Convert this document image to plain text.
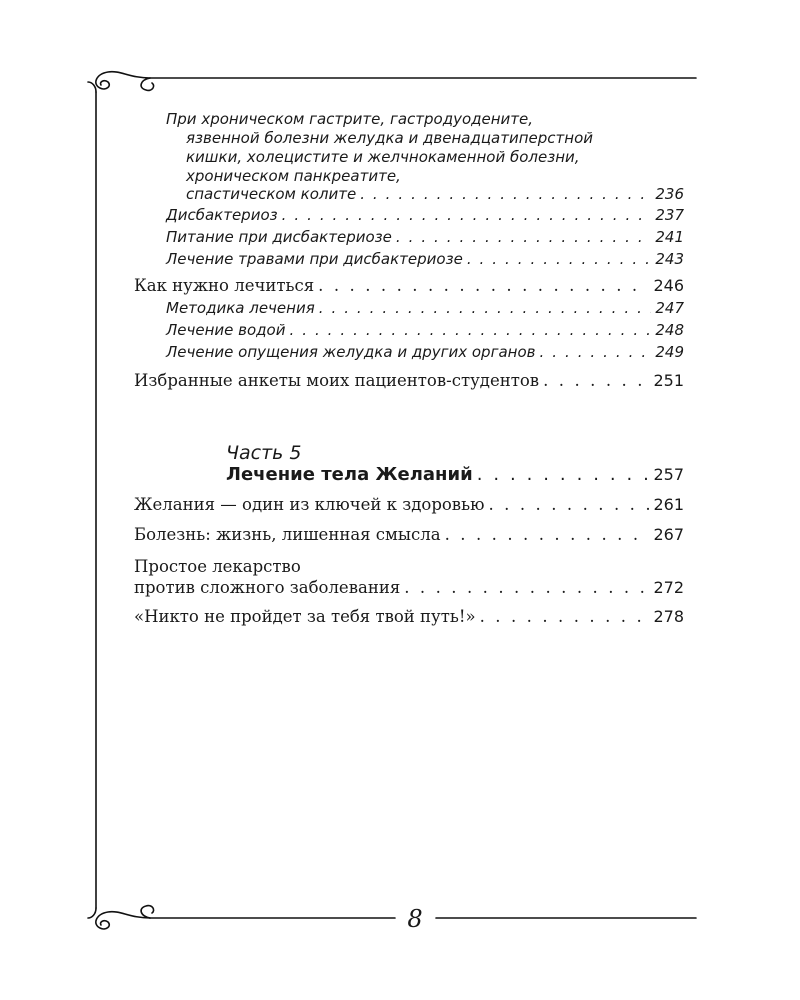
При хроническом гастрите, гастродуодените,
язвенной болезни желудка и двенадцатиперстной
кишки, холецистите и желчнокаменной болезни,
хроническом панкреатите,
спастическом колите . . .	236
Дисбактериоз . . .	237
Питание при дисбактериозе . . .	241
Лечение травами при дисбактериозе . . .	243
Как нужно лечиться . . .	246
Методика лечения . . .	247
Лечение водой . . .	248
Лечение опущения желудка и других органов . . .	249
Избранные анкеты моих пациентов-студентов . . .	251
Часть 5
Лечение тела Желаний . . .	257
Желания — один из ключей к здоровью . . .	261
Болезнь: жизнь, лишенная смысла . . .	267
Простое лекарство
против сложного заболевания . . .	272
«Никто не пройдет за тебя твой путь!» . . .	278
8
